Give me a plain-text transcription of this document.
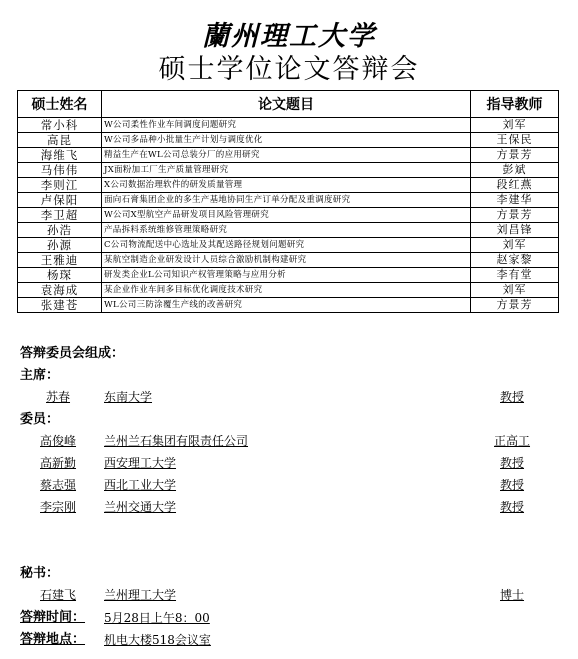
蘭州理工大学
硕士学位论文答辩会
硕士姓名	论文题目	指导教师
常小科	W公司柔性作业车间调度问题研究	刘军
高昆	W公司多品种小批量生产计划与调度优化	王保民
海维飞	精益生产在WL公司总装分厂的应用研究	方景芳
马伟伟	JX面粉加工厂生产质量管理研究	彭斌
李则江	X公司数据治理软件的研发质量管理	段红燕
卢保阳	面向石膏集团企业的多生产基地协同生产订单分配及重调度研究	李建华
李卫超	W公司X型航空产品研发项目风险管理研究	方景芳
孙浩	产品拆料系统维修管理策略研究	刘昌锋
孙源	C公司物流配送中心选址及其配送路径规划问题研究	刘军
王雅迪	某航空制造企业研发设计人员综合激励机制构建研究	赵家黎
杨琛	研发类企业L公司知识产权管理策略与应用分析	李有堂
袁海成	某企业作业车间多目标优化调度技术研究	刘军
张建苍	WL公司三防涂覆生产线的改善研究	方景芳
答辩委员会组成：
主席：
苏春	东南大学	教授
委员：
高俊峰 兰州兰石集团有限责任公司	正高工
高新勤 西安理工大学	教授
蔡志强 西北工业大学	教授
李宗刚 兰州交通大学	教授
秘书：
石建飞 兰州理工大学	博士
答辩时间： 5月28日上午8：00
答辩地点： 机电大楼518会议室
